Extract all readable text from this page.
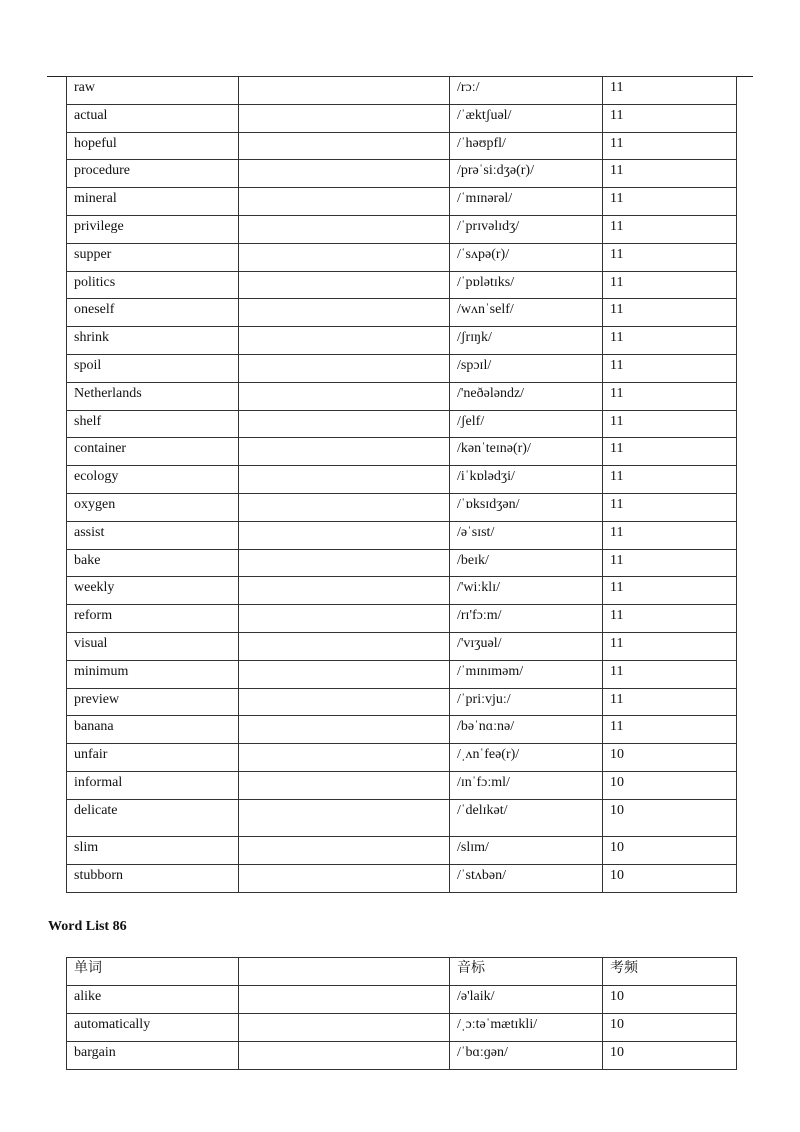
raw		/rɔː/	11
actual		/ˈæktʃuəl/	11
hopeful		/ˈhəʊpfl/	11
procedure		/prəˈsiːdʒə(r)/	11
mineral		/ˈmɪnərəl/	11
privilege		/ˈprɪvəlɪdʒ/	11
supper		/ˈsʌpə(r)/	11
politics		/ˈpɒlətɪks/	11
oneself		/wʌnˈself/	11
shrink		/ʃrɪŋk/	11
spoil		/spɔɪl/	11
Netherlands		/'neðələndz/	11
shelf		/ʃelf/	11
container		/kənˈteɪnə(r)/	11
ecology		/iˈkɒlədʒi/	11
oxygen		/ˈɒksɪdʒən/	11
assist		/əˈsɪst/	11
bake		/beɪk/	11
weekly		/'wiːklɪ/	11
reform		/rɪ'fɔːm/	11
visual		/'vɪʒuəl/	11
minimum		/ˈmɪnɪməm/	11
preview		/ˈpriːvjuː/	11
banana		/bəˈnɑːnə/	11
unfair		/ˌʌnˈfeə(r)/	10
informal		/ɪnˈfɔːml/	10
delicate		/ˈdelɪkət/	10
slim		/slɪm/	10
stubborn		/ˈstʌbən/	10
Word List 86
单词		音标	考频
alike		/ə'laik/	10
automatically		/ˌɔːtəˈmætɪkli/	10
bargain		/ˈbɑːɡən/	10
